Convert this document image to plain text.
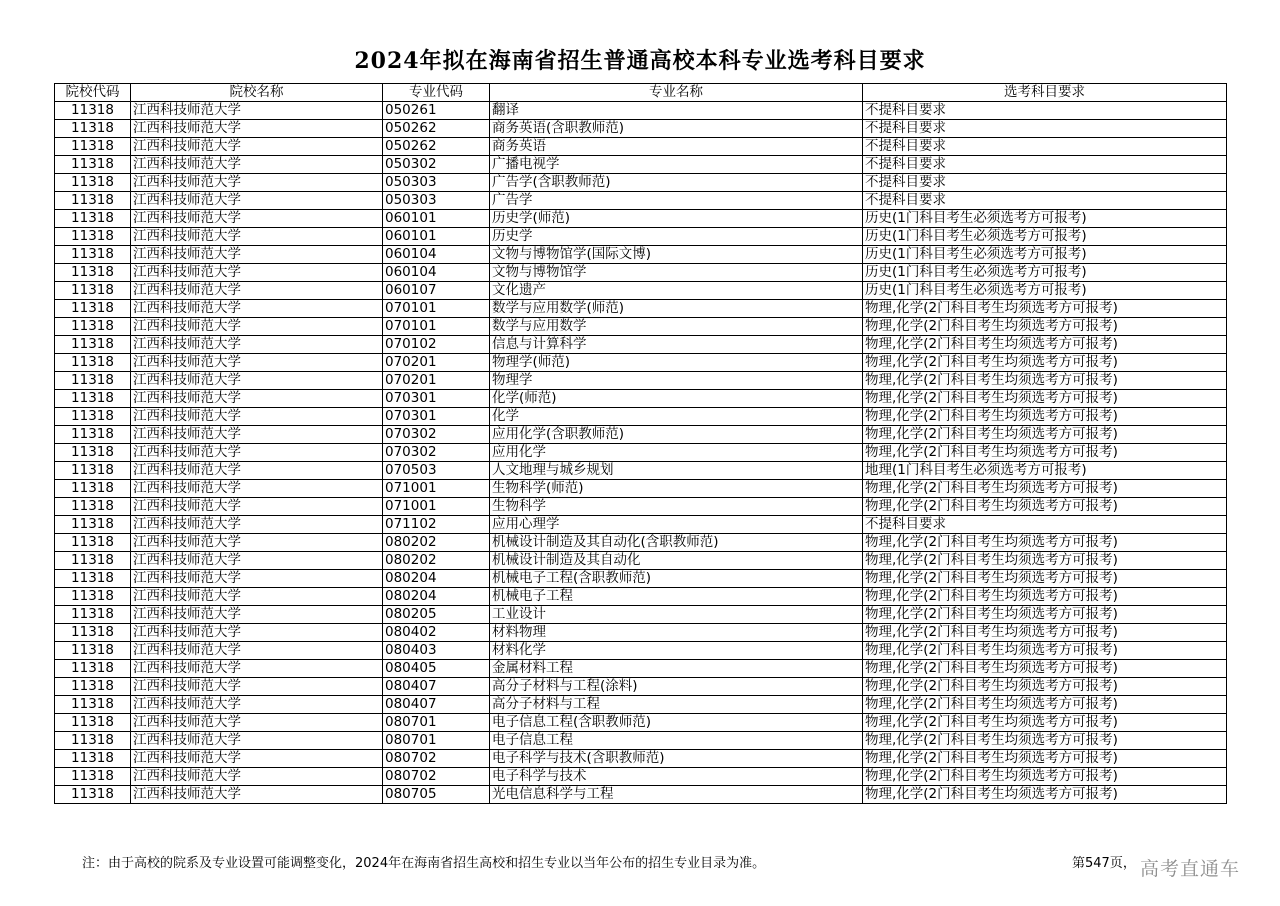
2024年拟在海南省招生普通高校本科专业选考科目要求
院校代码	院校名称	专业代码	专业名称	选考科目要求
11318	江西科技师范大学	050261	翻译	不提科目要求
11318	江西科技师范大学	050262	商务英语(含职教师范)	不提科目要求
11318	江西科技师范大学	050262	商务英语	不提科目要求
11318	江西科技师范大学	050302	广播电视学	不提科目要求
11318	江西科技师范大学	050303	广告学(含职教师范)	不提科目要求
11318	江西科技师范大学	050303	广告学	不提科目要求
11318	江西科技师范大学	060101	历史学(师范)	历史(1门科目考生必须选考方可报考)
11318	江西科技师范大学	060101	历史学	历史(1门科目考生必须选考方可报考)
11318	江西科技师范大学	060104	文物与博物馆学(国际文博)	历史(1门科目考生必须选考方可报考)
11318	江西科技师范大学	060104	文物与博物馆学	历史(1门科目考生必须选考方可报考)
11318	江西科技师范大学	060107	文化遗产	历史(1门科目考生必须选考方可报考)
11318	江西科技师范大学	070101	数学与应用数学(师范)	物理,化学(2门科目考生均须选考方可报考)
11318	江西科技师范大学	070101	数学与应用数学	物理,化学(2门科目考生均须选考方可报考)
11318	江西科技师范大学	070102	信息与计算科学	物理,化学(2门科目考生均须选考方可报考)
11318	江西科技师范大学	070201	物理学(师范)	物理,化学(2门科目考生均须选考方可报考)
11318	江西科技师范大学	070201	物理学	物理,化学(2门科目考生均须选考方可报考)
11318	江西科技师范大学	070301	化学(师范)	物理,化学(2门科目考生均须选考方可报考)
11318	江西科技师范大学	070301	化学	物理,化学(2门科目考生均须选考方可报考)
11318	江西科技师范大学	070302	应用化学(含职教师范)	物理,化学(2门科目考生均须选考方可报考)
11318	江西科技师范大学	070302	应用化学	物理,化学(2门科目考生均须选考方可报考)
11318	江西科技师范大学	070503	人文地理与城乡规划	地理(1门科目考生必须选考方可报考)
11318	江西科技师范大学	071001	生物科学(师范)	物理,化学(2门科目考生均须选考方可报考)
11318	江西科技师范大学	071001	生物科学	物理,化学(2门科目考生均须选考方可报考)
11318	江西科技师范大学	071102	应用心理学	不提科目要求
11318	江西科技师范大学	080202	机械设计制造及其自动化(含职教师范)	物理,化学(2门科目考生均须选考方可报考)
11318	江西科技师范大学	080202	机械设计制造及其自动化	物理,化学(2门科目考生均须选考方可报考)
11318	江西科技师范大学	080204	机械电子工程(含职教师范)	物理,化学(2门科目考生均须选考方可报考)
11318	江西科技师范大学	080204	机械电子工程	物理,化学(2门科目考生均须选考方可报考)
11318	江西科技师范大学	080205	工业设计	物理,化学(2门科目考生均须选考方可报考)
11318	江西科技师范大学	080402	材料物理	物理,化学(2门科目考生均须选考方可报考)
11318	江西科技师范大学	080403	材料化学	物理,化学(2门科目考生均须选考方可报考)
11318	江西科技师范大学	080405	金属材料工程	物理,化学(2门科目考生均须选考方可报考)
11318	江西科技师范大学	080407	高分子材料与工程(涂料)	物理,化学(2门科目考生均须选考方可报考)
11318	江西科技师范大学	080407	高分子材料与工程	物理,化学(2门科目考生均须选考方可报考)
11318	江西科技师范大学	080701	电子信息工程(含职教师范)	物理,化学(2门科目考生均须选考方可报考)
11318	江西科技师范大学	080701	电子信息工程	物理,化学(2门科目考生均须选考方可报考)
11318	江西科技师范大学	080702	电子科学与技术(含职教师范)	物理,化学(2门科目考生均须选考方可报考)
11318	江西科技师范大学	080702	电子科学与技术	物理,化学(2门科目考生均须选考方可报考)
11318	江西科技师范大学	080705	光电信息科学与工程	物理,化学(2门科目考生均须选考方可报考)
注：由于高校的院系及专业设置可能调整变化，2024年在海南省招生高校和招生专业以当年公布的招生专业目录为准。	第547页， 高考直通车
